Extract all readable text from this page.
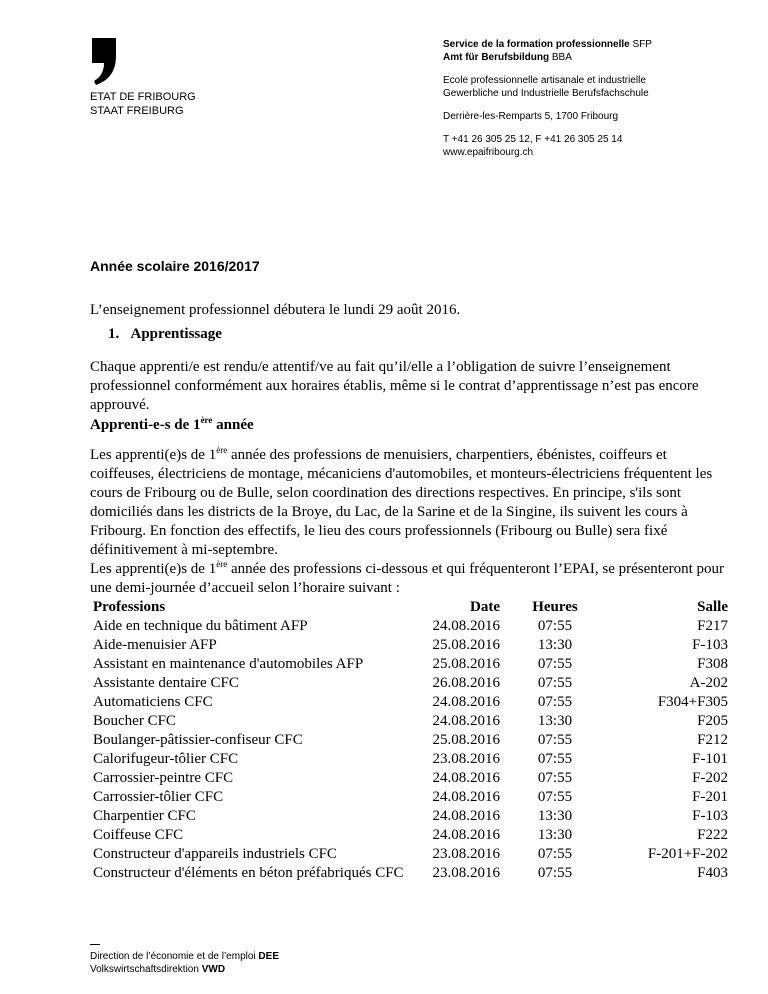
ETAT DE FRIBOURG
STAAT FREIBURG
Service de la formation professionnelle SFP
Amt für Berufsbildung BBA
Ecole professionnelle artisanale et industrielle
Gewerbliche und Industrielle Berufsfachschule
Derrière-les-Remparts 5, 1700 Fribourg
T +41 26 305 25 12, F +41 26 305 25 14
www.epaifribourg.ch
Année scolaire 2016/2017
L’enseignement professionnel débutera le lundi 29 août 2016.
1. Apprentissage
Chaque apprenti/e est rendu/e attentif/ve au fait qu’il/elle a l’obligation de suivre l’enseignement professionnel conformément aux horaires établis, même si le contrat d’apprentissage n’est pas encore approuvé.
Apprenti-e-s de 1ère année
Les apprenti(e)s de 1ère année des professions de menuisiers, charpentiers, ébénistes, coiffeurs et coiffeuses, électriciens de montage, mécaniciens d'automobiles, et monteurs-électriciens fréquentent les cours de Fribourg ou de Bulle, selon coordination des directions respectives. En principe, s'ils sont domiciliés dans les districts de la Broye, du Lac, de la Sarine et de la Singine, ils suivent les cours à Fribourg. En fonction des effectifs, le lieu des cours professionnels (Fribourg ou Bulle) sera fixé définitivement à mi-septembre.
Les apprenti(e)s de 1ère année des professions ci-dessous et qui fréquenteront l’EPAI, se présenteront pour une demi-journée d’accueil selon l’horaire suivant :
Professions	Date	Heures	Salle
Aide en technique du bâtiment AFP	24.08.2016	07:55	F217
Aide-menuisier AFP	25.08.2016	13:30	F-103
Assistant en maintenance d'automobiles AFP	25.08.2016	07:55	F308
Assistante dentaire CFC	26.08.2016	07:55	A-202
Automaticiens CFC	24.08.2016	07:55	F304+F305
Boucher CFC	24.08.2016	13:30	F205
Boulanger-pâtissier-confiseur CFC	25.08.2016	07:55	F212
Calorifugeur-tôlier CFC	23.08.2016	07:55	F-101
Carrossier-peintre CFC	24.08.2016	07:55	F-202
Carrossier-tôlier CFC	24.08.2016	07:55	F-201
Charpentier CFC	24.08.2016	13:30	F-103
Coiffeuse CFC	24.08.2016	13:30	F222
Constructeur d'appareils industriels CFC	23.08.2016	07:55	F-201+F-202
Constructeur d'éléments en béton préfabriqués CFC	23.08.2016	07:55	F403
Direction de l’économie et de l’emploi DEE
Volkswirtschaftsdirektion VWD
